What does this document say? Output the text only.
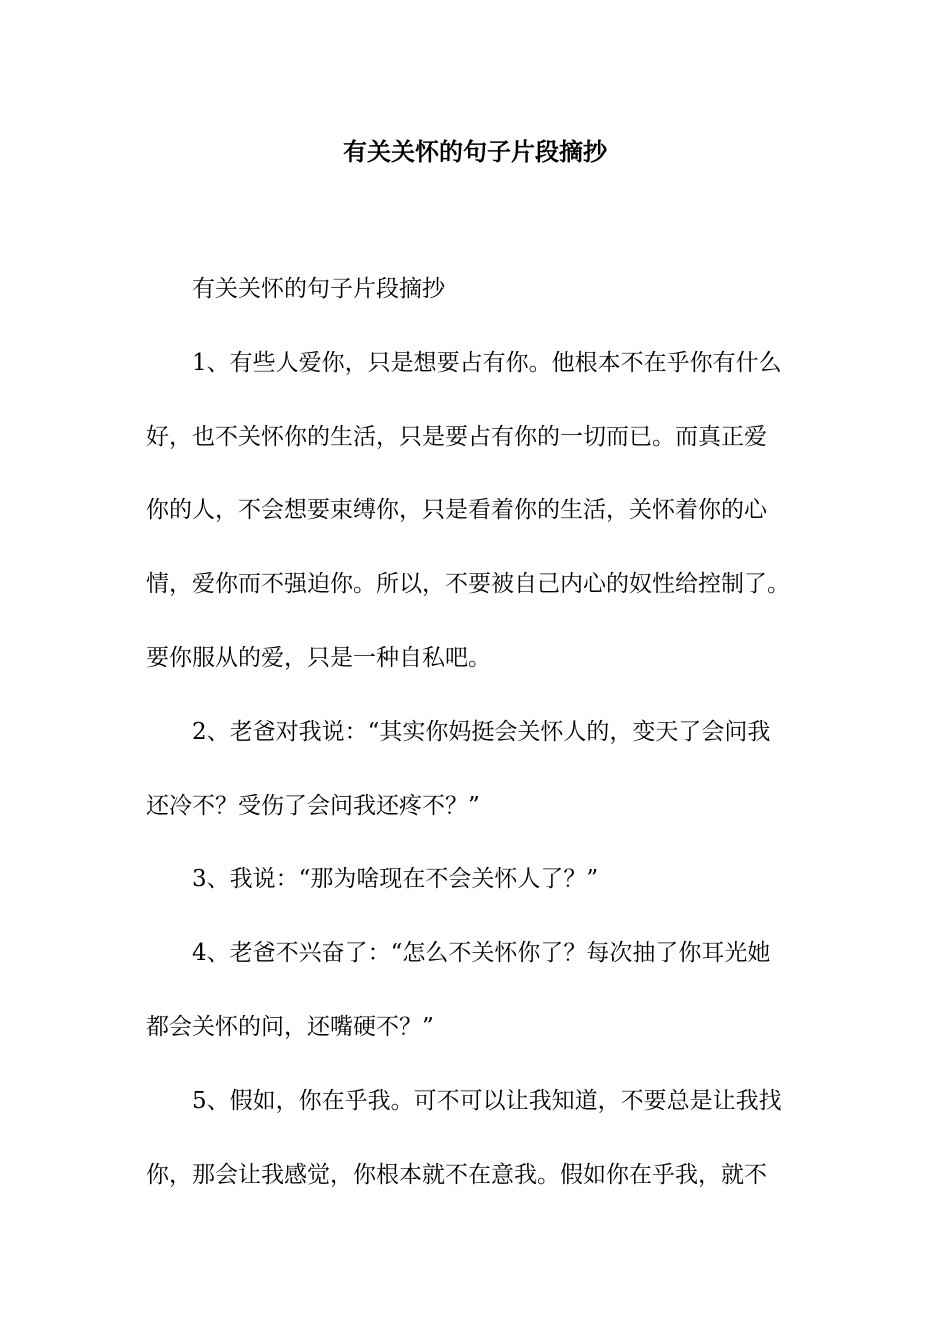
有关关怀的句子片段摘抄

有关关怀的句子片段摘抄

1、有些人爱你，只是想要占有你。他根本不在乎你有什么
好，也不关怀你的生活，只是要占有你的一切而已。而真正爱
你的人，不会想要束缚你，只是看着你的生活，关怀着你的心
情，爱你而不强迫你。所以，不要被自己内心的奴性给控制了。
要你服从的爱，只是一种自私吧。

2、老爸对我说：“其实你妈挺会关怀人的，变天了会问我
还冷不？受伤了会问我还疼不？”

3、我说：“那为啥现在不会关怀人了？”

4、老爸不兴奋了：“怎么不关怀你了？每次抽了你耳光她
都会关怀的问，还嘴硬不？”

5、假如，你在乎我。可不可以让我知道，不要总是让我找
你，那会让我感觉，你根本就不在意我。假如你在乎我，就不
